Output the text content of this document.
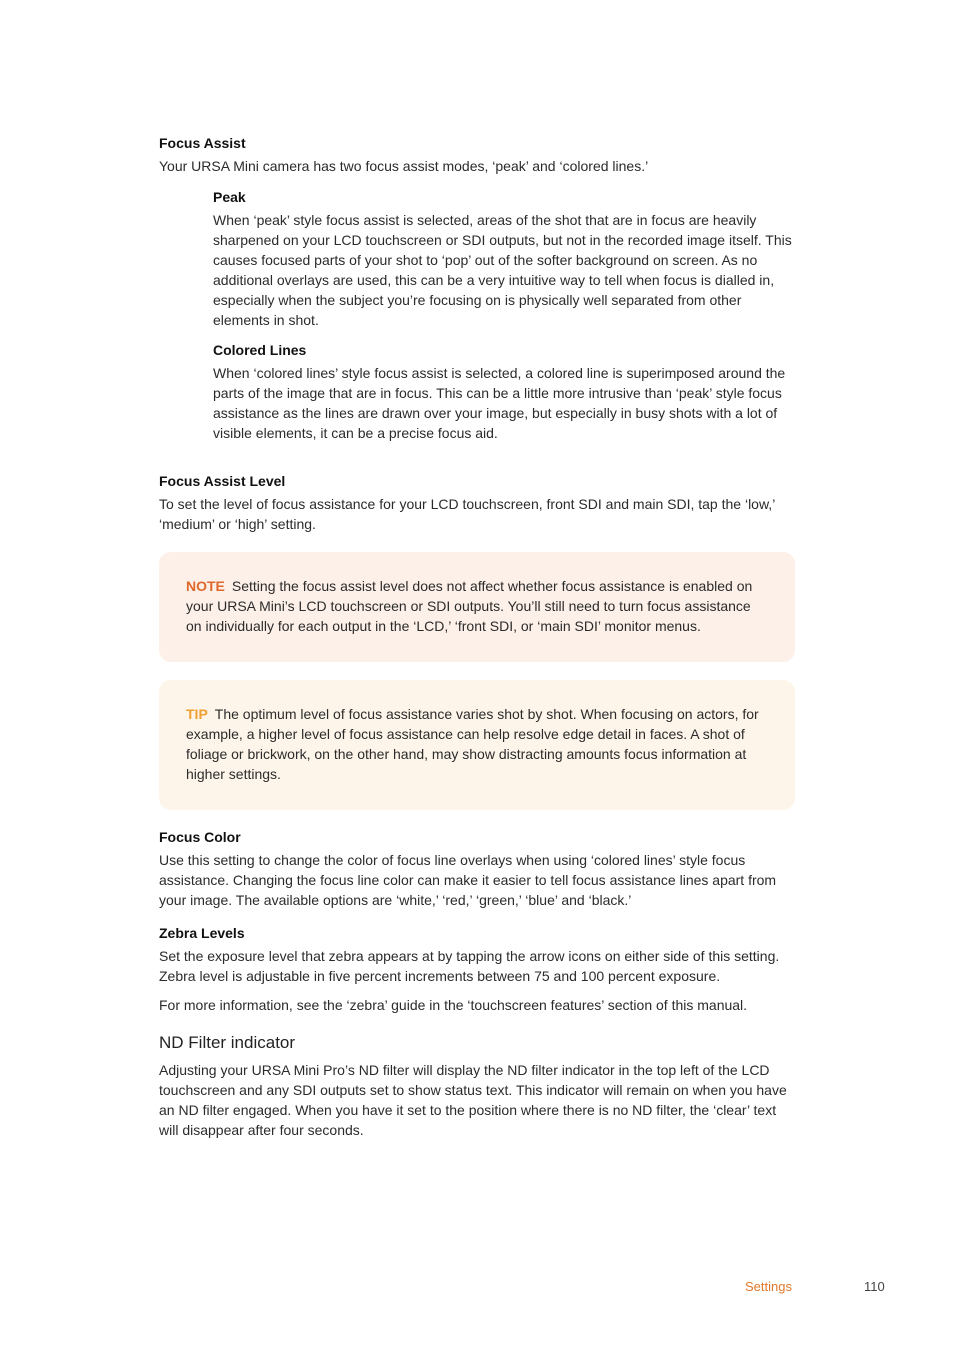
Focus Assist

Your URSA Mini camera has two focus assist modes, ‘peak’ and ‘colored lines.’

Peak

When ‘peak’ style focus assist is selected, areas of the shot that are in focus are heavily sharpened on your LCD touchscreen or SDI outputs, but not in the recorded image itself. This causes focused parts of your shot to ‘pop’ out of the softer background on screen. As no additional overlays are used, this can be a very intuitive way to tell when focus is dialled in, especially when the subject you’re focusing on is physically well separated from other elements in shot.

Colored Lines

When ‘colored lines’ style focus assist is selected, a colored line is superimposed around the parts of the image that are in focus. This can be a little more intrusive than ‘peak’ style focus assistance as the lines are drawn over your image, but especially in busy shots with a lot of visible elements, it can be a precise focus aid.

Focus Assist Level

To set the level of focus assistance for your LCD touchscreen, front SDI and main SDI, tap the ‘low,’ ‘medium’ or ‘high’ setting.

NOTE Setting the focus assist level does not affect whether focus assistance is enabled on your URSA Mini’s LCD touchscreen or SDI outputs. You’ll still need to turn focus assistance on individually for each output in the ‘LCD,’ ‘front SDI, or ‘main SDI’ monitor menus.
TIP The optimum level of focus assistance varies shot by shot. When focusing on actors, for example, a higher level of focus assistance can help resolve edge detail in faces. A shot of foliage or brickwork, on the other hand, may show distracting amounts focus information at higher settings.
Focus Color

Use this setting to change the color of focus line overlays when using ‘colored lines’ style focus assistance. Changing the focus line color can make it easier to tell focus assistance lines apart from your image. The available options are ‘white,’ ‘red,’ ‘green,’ ‘blue’ and ‘black.’

Zebra Levels

Set the exposure level that zebra appears at by tapping the arrow icons on either side of this setting. Zebra level is adjustable in five percent increments between 75 and 100 percent exposure.

For more information, see the ‘zebra’ guide in the ‘touchscreen features’ section of this manual.

ND Filter indicator

Adjusting your URSA Mini Pro’s ND filter will display the ND filter indicator in the top left of the LCD touchscreen and any SDI outputs set to show status text. This indicator will remain on when you have an ND filter engaged. When you have it set to the position where there is no ND filter, the ‘clear’ text will disappear after four seconds.

Settings	110
